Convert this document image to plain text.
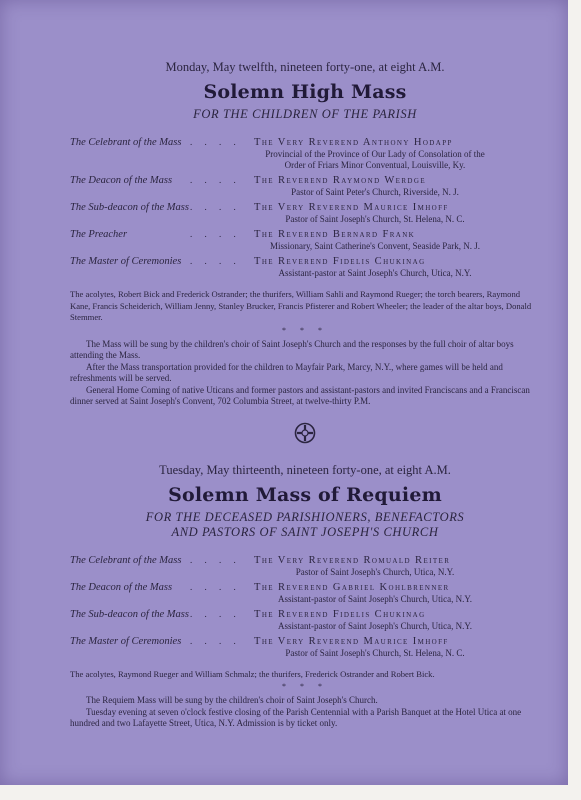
Monday, May twelfth, nineteen forty-one, at eight A.M.

Solemn High Mass

FOR THE CHILDREN OF THE PARISH

The Celebrant of the Mass . . . .	The Very Reverend Anthony Hodapp
Provincial of the Province of Our Lady of Consolation of the
Order of Friars Minor Conventual, Louisville, Ky.
The Deacon of the Mass	. . . .	The Reverend Raymond Werdge
Pastor of Saint Peter's Church, Riverside, N. J.
The Sub-deacon of the Mass . . . .	The Very Reverend Maurice Imhoff
Pastor of Saint Joseph's Church, St. Helena, N. C.
The Preacher	. . . .	The Reverend Bernard Frank
Missionary, Saint Catherine's Convent, Seaside Park, N. J.
The Master of Ceremonies . . . .	The Reverend Fidelis Chukinag
Assistant-pastor at Saint Joseph's Church, Utica, N.Y.

The acolytes, Robert Bick and Frederick Ostrander; the thurifers, William Sahli and Raymond Rueger; the torch bearers, Raymond Kane, Francis Scheiderich, William Jenny, Stanley Brucker, Francis Pfisterer and Robert Wheeler; the leader of the altar boys, Donald Stemmer.

* * *

The Mass will be sung by the children's choir of Saint Joseph's Church and the responses by the full choir of altar boys attending the Mass.

After the Mass transportation provided for the children to Mayfair Park, Marcy, N.Y., where games will be held and refreshments will be served.

General Home Coming of native Uticans and former pastors and assistant-pastors and invited Franciscans and a Franciscan dinner served at Saint Joseph's Convent, 702 Columbia Street, at twelve-thirty P.M.

Tuesday, May thirteenth, nineteen forty-one, at eight A.M.

Solemn Mass of Requiem

FOR THE DECEASED PARISHIONERS, BENEFACTORS
AND PASTORS OF SAINT JOSEPH'S CHURCH

The Celebrant of the Mass . . . .	The Very Reverend Romuald Reiter
Pastor of Saint Joseph's Church, Utica, N.Y.
The Deacon of the Mass	. . . .	The Reverend Gabriel Kohlbrenner
Assistant-pastor of Saint Joseph's Church, Utica, N.Y.
The Sub-deacon of the Mass . . . .	The Reverend Fidelis Chukinag
Assistant-pastor of Saint Joseph's Church, Utica, N.Y.
The Master of Ceremonies . . . .	The Very Reverend Maurice Imhoff
Pastor of Saint Joseph's Church, St. Helena, N. C.

The acolytes, Raymond Rueger and William Schmalz; the thurifers, Frederick Ostrander and Robert Bick.

* * *

The Requiem Mass will be sung by the children's choir of Saint Joseph's Church.

Tuesday evening at seven o'clock festive closing of the Parish Centennial with a Parish Banquet at the Hotel Utica at one hundred and two Lafayette Street, Utica, N.Y. Admission is by ticket only.
